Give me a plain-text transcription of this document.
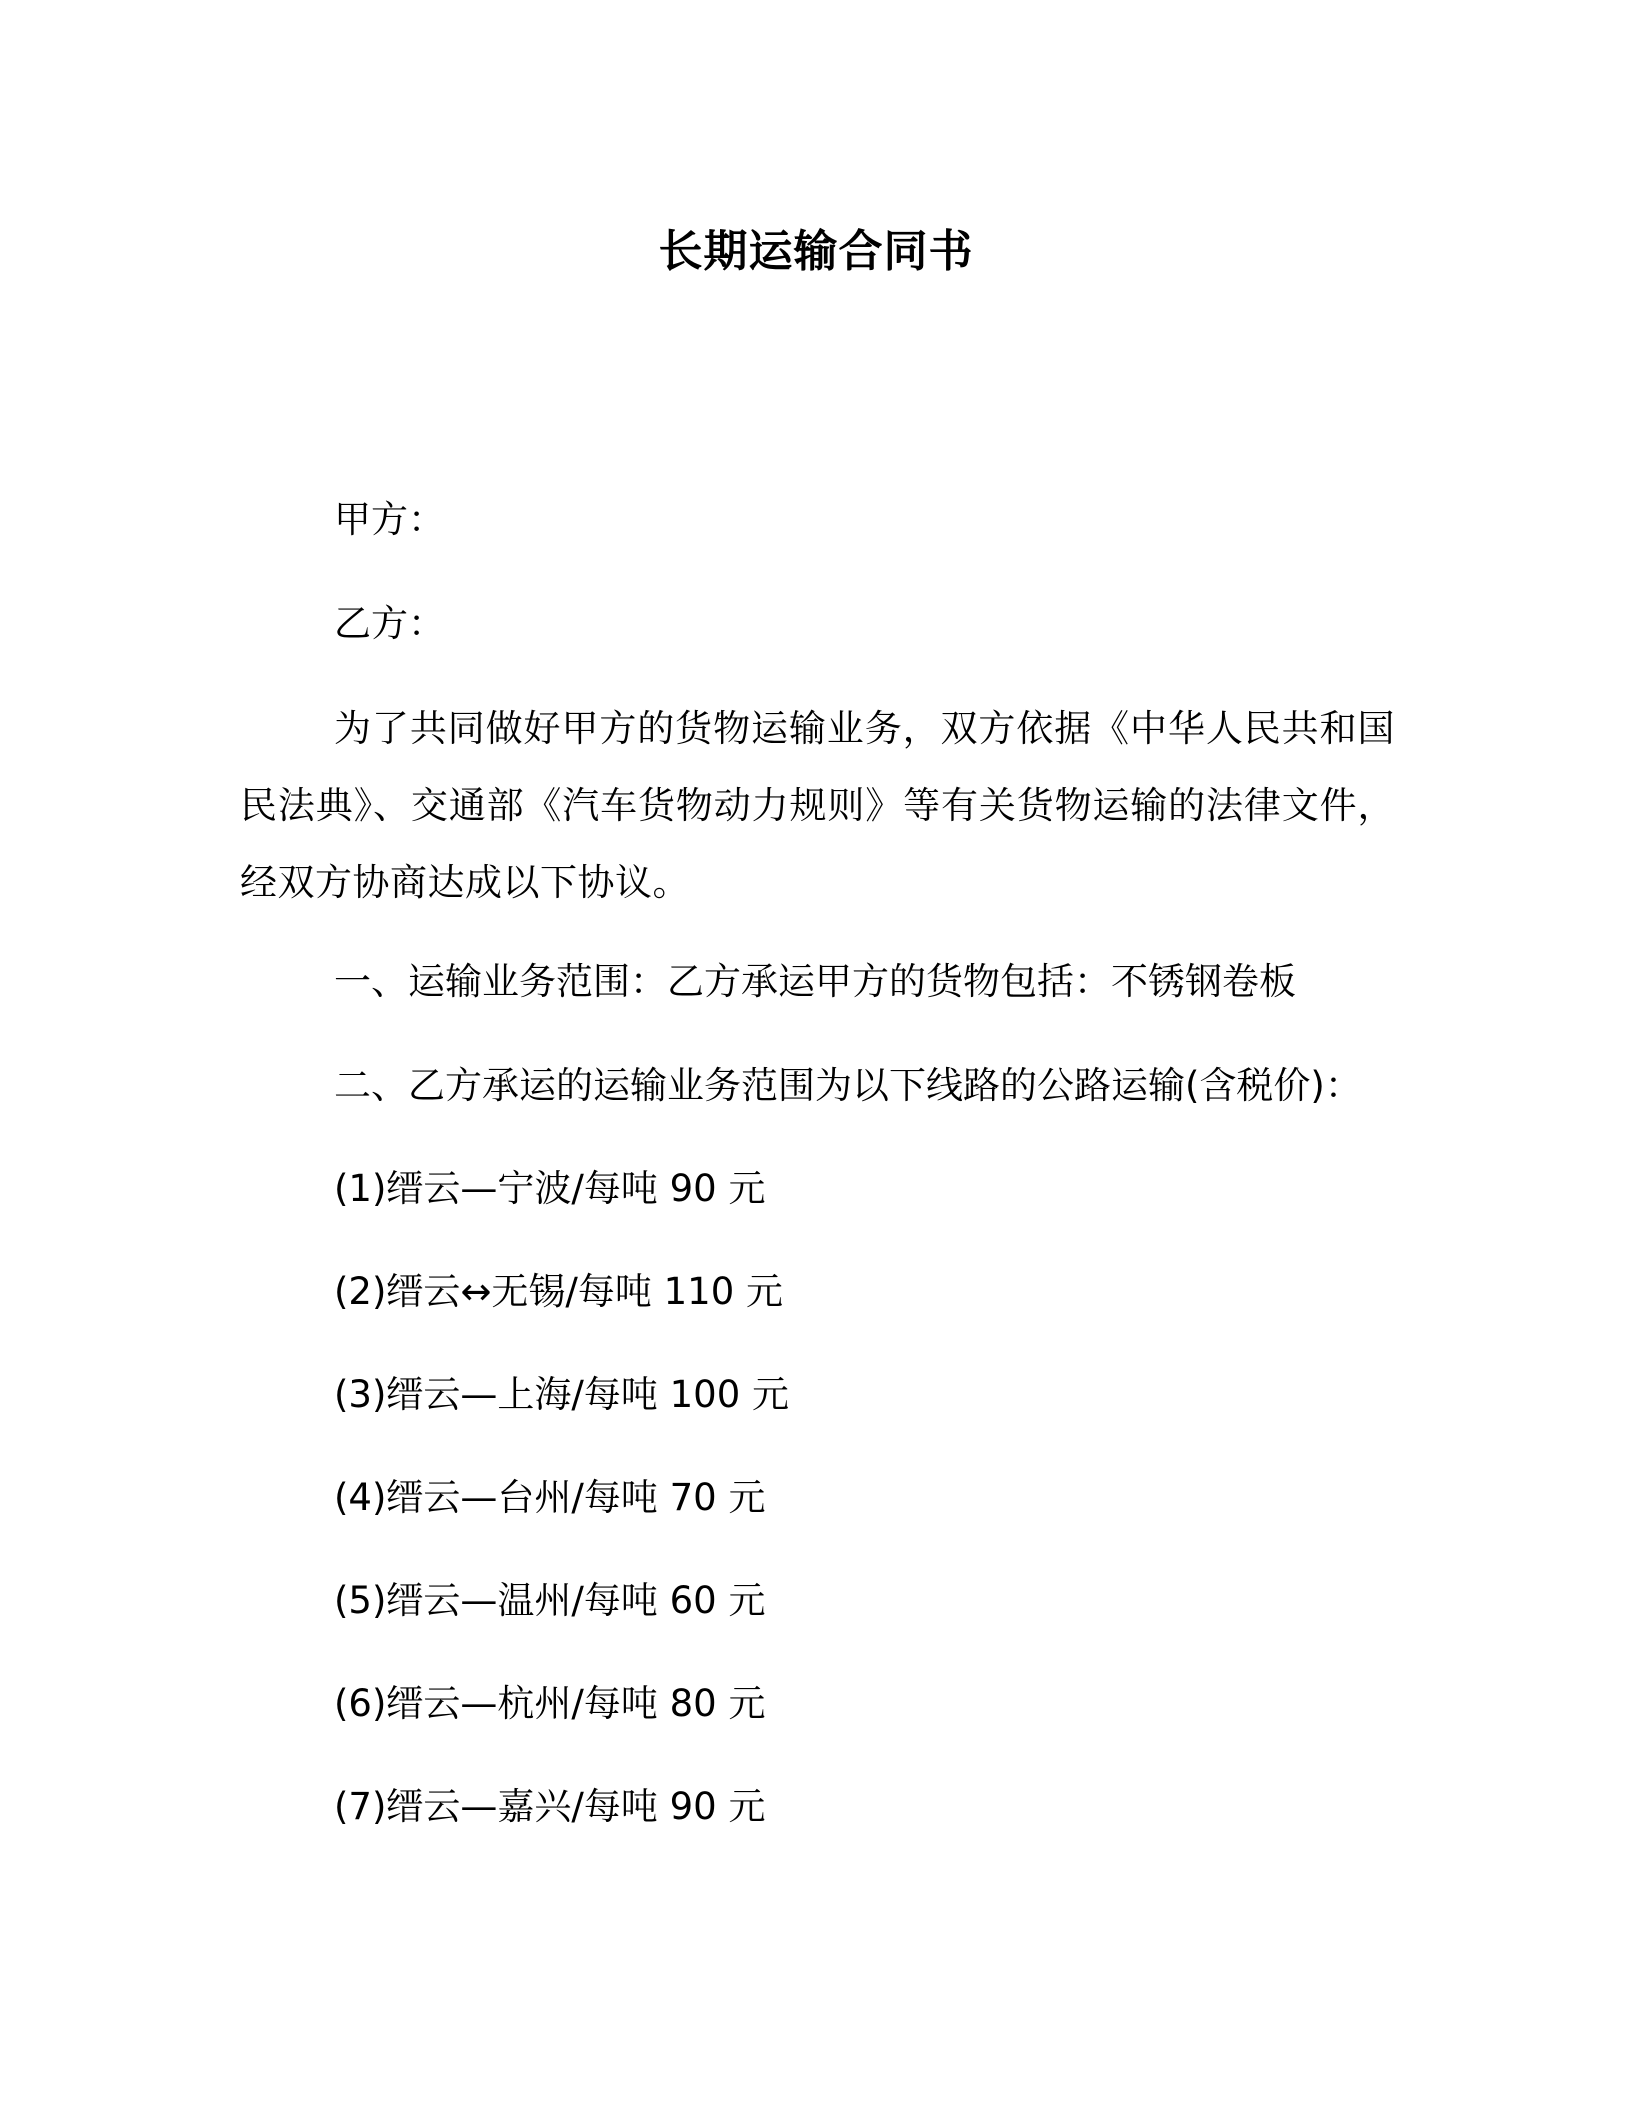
长期运输合同书
甲方：
乙方：
为了共同做好甲方的货物运输业务，双方依据《中华人民共和国民法典》、交通部《汽车货物动力规则》等有关货物运输的法律文件，经双方协商达成以下协议。
一、运输业务范围：乙方承运甲方的货物包括：不锈钢卷板
二、乙方承运的运输业务范围为以下线路的公路运输(含税价)：
(1)缙云—宁波/每吨 90 元
(2)缙云↔无锡/每吨 110 元
(3)缙云—上海/每吨 100 元
(4)缙云—台州/每吨 70 元
(5)缙云—温州/每吨 60 元
(6)缙云—杭州/每吨 80 元
(7)缙云—嘉兴/每吨 90 元
